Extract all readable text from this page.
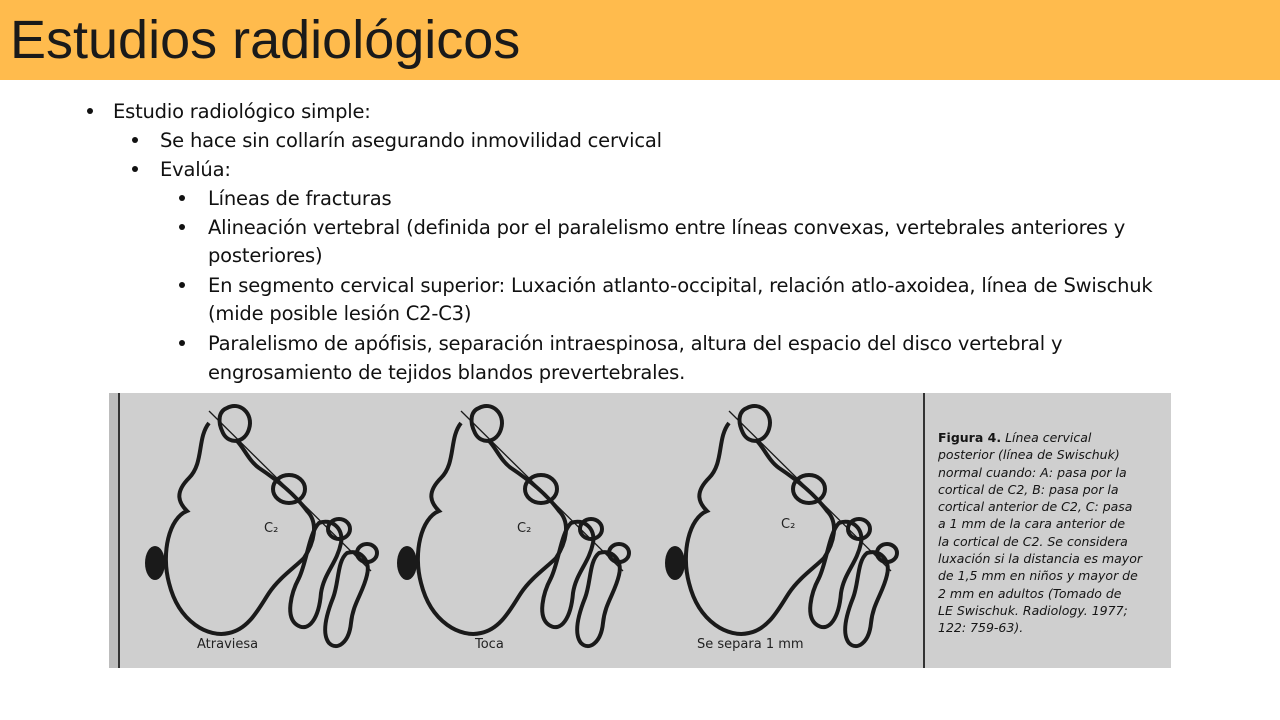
Estudios radiológicos
Estudio radiológico simple:
Se hace sin collarín asegurando inmovilidad cervical
Evalúa:
Líneas de fracturas
Alineación vertebral (definida por el paralelismo entre líneas convexas, vertebrales anteriores y
posteriores)
En segmento cervical superior: Luxación atlanto-occipital, relación atlo-axoidea, línea de Swischuk
(mide posible lesión C2-C3)
Paralelismo de apófisis, separación intraespinosa, altura del espacio del disco vertebral y
engrosamiento de tejidos blandos prevertebrales.
C₂	C₂	C₂
Atraviesa	Toca	Se separa 1 mm
Figura 4. Línea cervical
posterior (línea de Swischuk)
normal cuando: A: pasa por la
cortical de C2, B: pasa por la
cortical anterior de C2, C: pasa
a 1 mm de la cara anterior de
la cortical de C2. Se considera
luxación si la distancia es mayor
de 1,5 mm en niños y mayor de
2 mm en adultos (Tomado de
LE Swischuk. Radiology. 1977;
122: 759-63).
